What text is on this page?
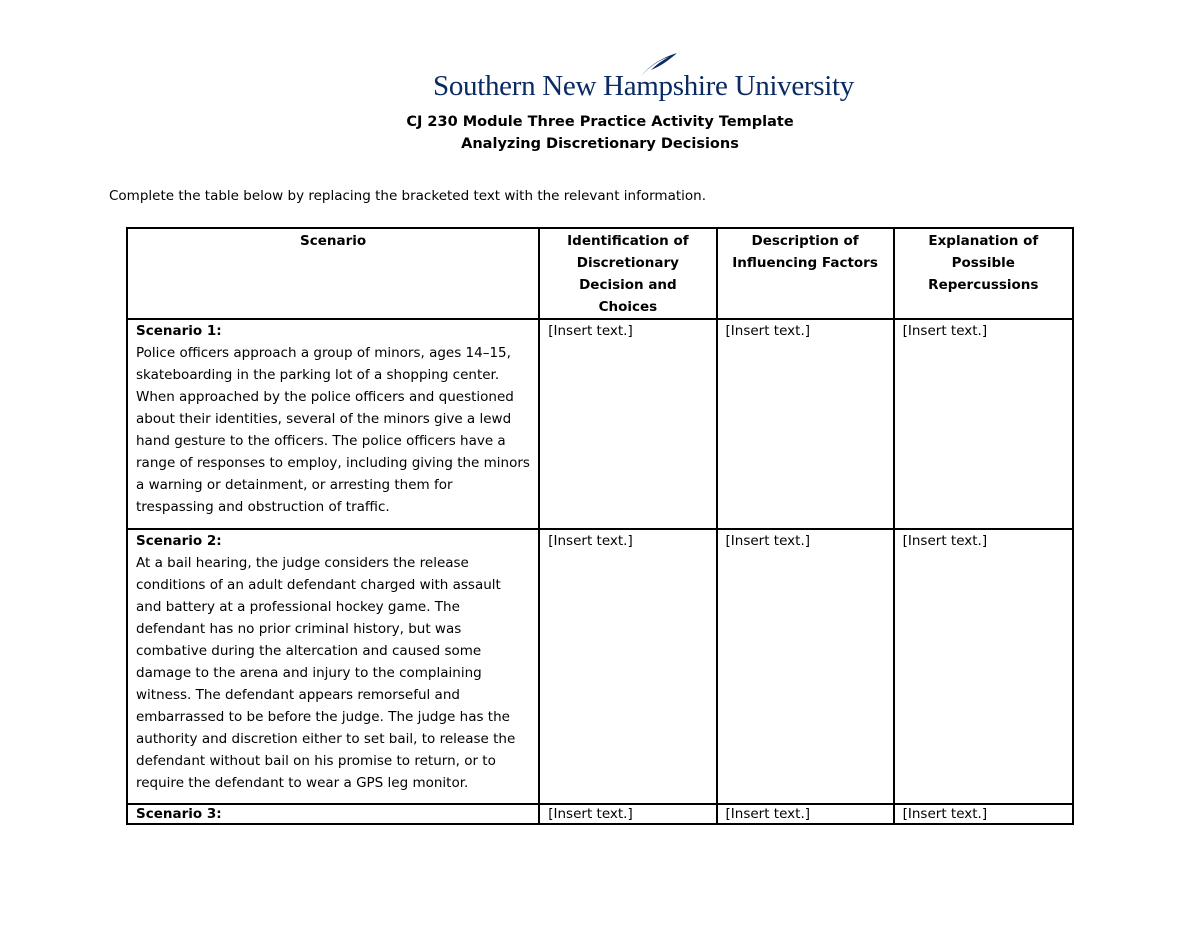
Southern New Hampshire University
CJ 230 Module Three Practice Activity Template
Analyzing Discretionary Decisions
Complete the table below by replacing the bracketed text with the relevant information.
Scenario	Identification of Discretionary Decision and Choices	Description of Influencing Factors	Explanation of Possible Repercussions

Scenario 1:
Police officers approach a group of minors, ages 14–15, skateboarding in the parking lot of a shopping center. When approached by the police officers and questioned about their identities, several of the minors give a lewd hand gesture to the officers. The police officers have a range of responses to employ, including giving the minors a warning or detainment, or arresting them for trespassing and obstruction of traffic.	[Insert text.]	[Insert text.]	[Insert text.]

Scenario 2:
At a bail hearing, the judge considers the release conditions of an adult defendant charged with assault and battery at a professional hockey game. The defendant has no prior criminal history, but was combative during the altercation and caused some damage to the arena and injury to the complaining witness. The defendant appears remorseful and embarrassed to be before the judge. The judge has the authority and discretion either to set bail, to release the defendant without bail on his promise to return, or to require the defendant to wear a GPS leg monitor.	[Insert text.]	[Insert text.]	[Insert text.]

Scenario 3:	[Insert text.]	[Insert text.]	[Insert text.]
